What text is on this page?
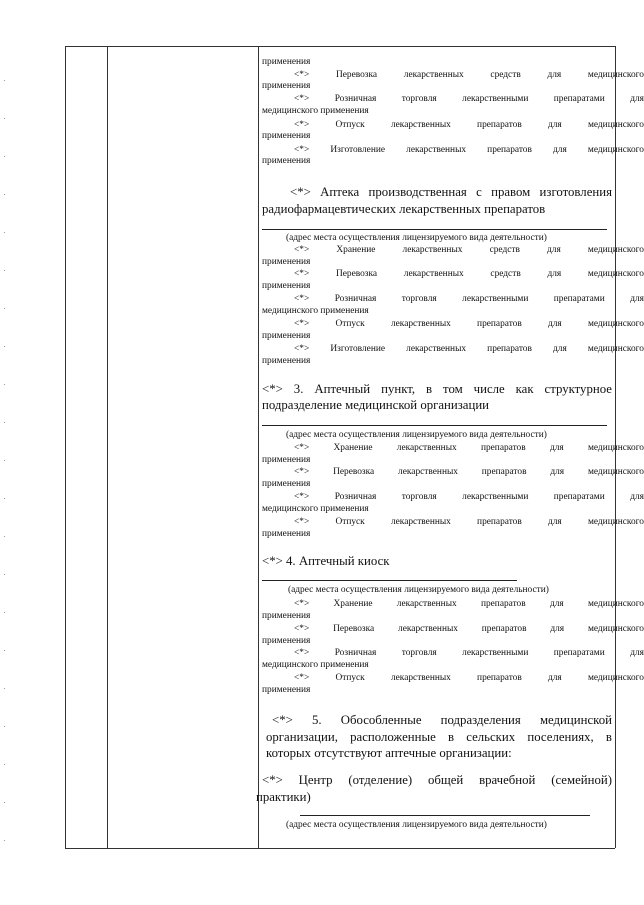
применения
<*>	Перевозка	лекарственных	средств	для	медицинского
применения
<*>	Розничная	торговля	лекарственными	препаратами	для
медицинского применения
<*>	Отпуск	лекарственных	препаратов	для	медицинского
применения
<*> Изготовление лекарственных препаратов для медицинского
применения
<*> Аптека производственная с правом изготовления
радиофармацевтических лекарственных препаратов
(адрес места осуществления лицензируемого вида деятельности)
<*>	Хранение	лекарственных	средств	для	медицинского
применения
<*>	Перевозка	лекарственных	средств	для	медицинского
применения
<*>	Розничная	торговля	лекарственными	препаратами	для
медицинского применения
<*>	Отпуск	лекарственных	препаратов	для	медицинского
применения
<*> Изготовление лекарственных препаратов для медицинского
применения
<*> 3. Аптечный пункт, в том числе как структурное
подразделение медицинской организации
(адрес места осуществления лицензируемого вида деятельности)
<*>	Хранение	лекарственных	препаратов	для	медицинского
применения
<*>	Перевозка	лекарственных	препаратов	для	медицинского
применения
<*>	Розничная	торговля	лекарственными	препаратами	для
медицинского применения
<*>	Отпуск	лекарственных	препаратов	для	медицинского
применения
<*> 4. Аптечный киоск
(адрес места осуществления лицензируемого вида деятельности)
<*>	Хранение	лекарственных	препаратов	для	медицинского
применения
<*>	Перевозка	лекарственных	препаратов	для	медицинского
применения
<*>	Розничная	торговля	лекарственными	препаратами	для
медицинского применения
<*>	Отпуск	лекарственных	препаратов	для	медицинского
применения
<*> 5. Обособленные подразделения медицинской
организации, расположенные в сельских поселениях, в
которых отсутствуют аптечные организации:
<*> Центр (отделение) общей врачебной (семейной)
практики)
(адрес места осуществления лицензируемого вида деятельности)
